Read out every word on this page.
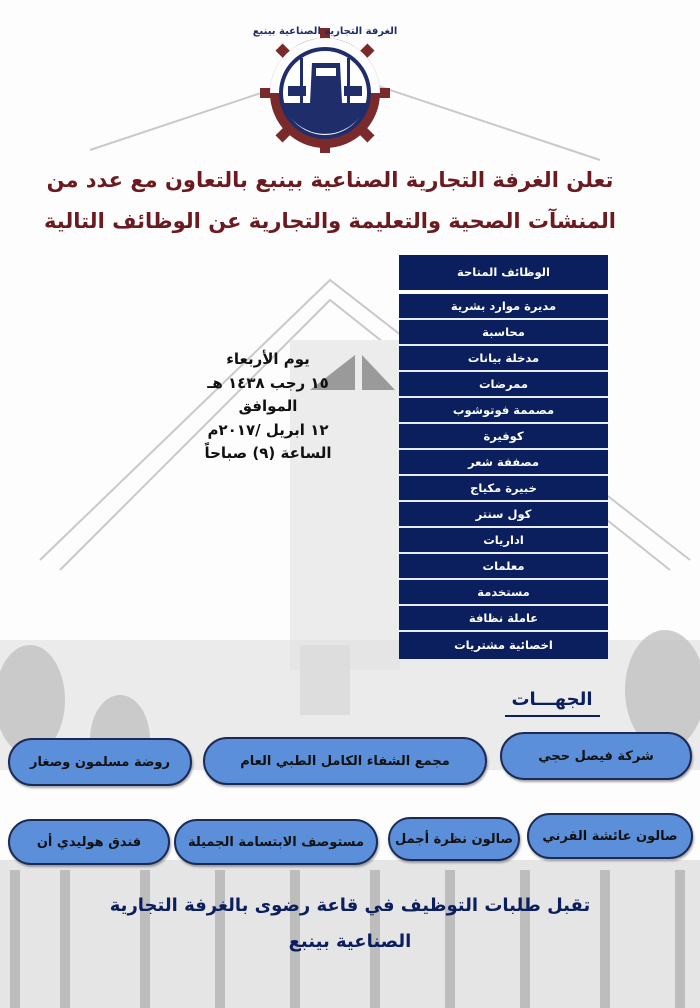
الغرفة التجارية الصناعية بينبع
تعلن الغرفة التجارية الصناعية بينبع بالتعاون مع عدد من
المنشآت الصحية والتعليمة والتجارية عن الوظائف التالية
يوم الأربعاء
١٥ رجب ١٤٣٨ هـ
الموافق
١٢ ابريل /٢٠١٧م
الساعة (٩) صباحاً
الوظائف المتاحة
مديرة موارد بشرية
محاسبة
مدخلة بيانات
ممرضات
مصممة فوتوشوب
كوفيرة
مصففة شعر
خبيرة مكياج
كول سنتر
اداريات
معلمات
مستخدمة
عاملة نظافة
اخصائية مشتريات
الجهـــات
شركة فيصل حجي
مجمع الشفاء الكامل الطبي العام
روضة مسلمون وصغار
صالون عائشة القرني
صالون نظرة أجمل
مستوصف الابتسامة الجميلة
فندق هوليدي أن
تقبل طلبات التوظيف في قاعة رضوى بالغرفة التجارية
الصناعية بينبع
